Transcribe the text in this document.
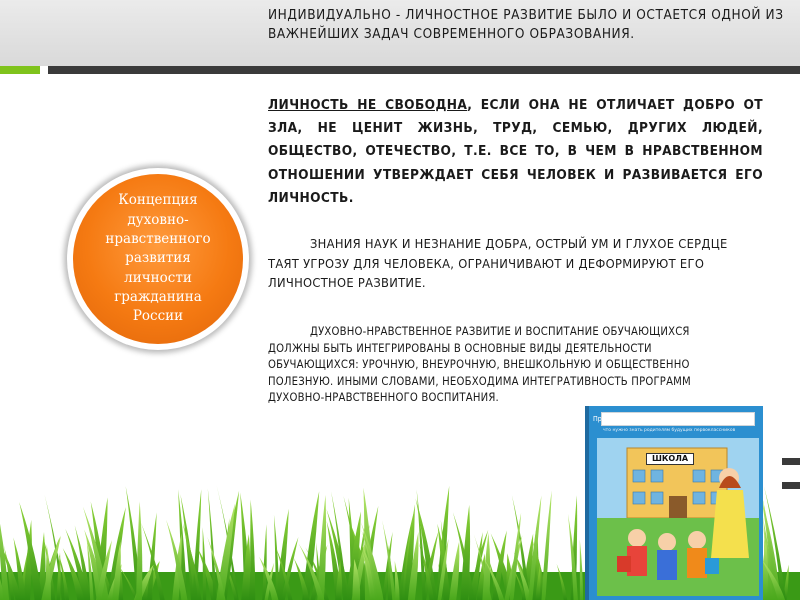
ИНДИВИДУАЛЬНО - ЛИЧНОСТНОЕ РАЗВИТИЕ БЫЛО И ОСТАЕТСЯ ОДНОЙ ИЗ ВАЖНЕЙШИХ ЗАДАЧ СОВРЕМЕННОГО ОБРАЗОВАНИЯ.
Концепция
духовно-
нравственного
развития
личности
гражданина
России

ЛИЧНОСТЬ НЕ СВОБОДНА, ЕСЛИ ОНА НЕ ОТЛИЧАЕТ ДОБРО ОТ ЗЛА, НЕ ЦЕНИТ ЖИЗНЬ, ТРУД, СЕМЬЮ, ДРУГИХ ЛЮДЕЙ, ОБЩЕСТВО, ОТЕЧЕСТВО, Т.Е. ВСЕ ТО, В ЧЕМ В НРАВСТВЕННОМ ОТНОШЕНИИ УТВЕРЖДАЕТ СЕБЯ ЧЕЛОВЕК И РАЗВИВАЕТСЯ ЕГО ЛИЧНОСТЬ.

ЗНАНИЯ НАУК И НЕЗНАНИЕ ДОБРА, ОСТРЫЙ УМ И ГЛУХОЕ СЕРДЦЕ ТАЯТ УГРОЗУ ДЛЯ ЧЕЛОВЕКА, ОГРАНИЧИВАЮТ И ДЕФОРМИРУЮТ ЕГО ЛИЧНОСТНОЕ РАЗВИТИЕ.

ДУХОВНО-НРАВСТВЕННОЕ РАЗВИТИЕ И ВОСПИТАНИЕ ОБУЧАЮЩИХСЯ ДОЛЖНЫ БЫТЬ ИНТЕГРИРОВАНЫ В ОСНОВНЫЕ ВИДЫ ДЕЯТЕЛЬНОСТИ ОБУЧАЮЩИХСЯ: УРОЧНУЮ, ВНЕУРОЧНУЮ, ВНЕШКОЛЬНУЮ И ОБЩЕСТВЕННО ПОЛЕЗНУЮ. ИНЫМИ СЛОВАМИ, НЕОБХОДИМА ИНТЕГРАТИВНОСТЬ ПРОГРАММ ДУХОВНО-НРАВСТВЕННОГО ВОСПИТАНИЯ.

Предшкольный бум
Г. В. Мохина Е. В. Панасюк
что нужно знать родителям будущих первоклассников
ШКОЛА
